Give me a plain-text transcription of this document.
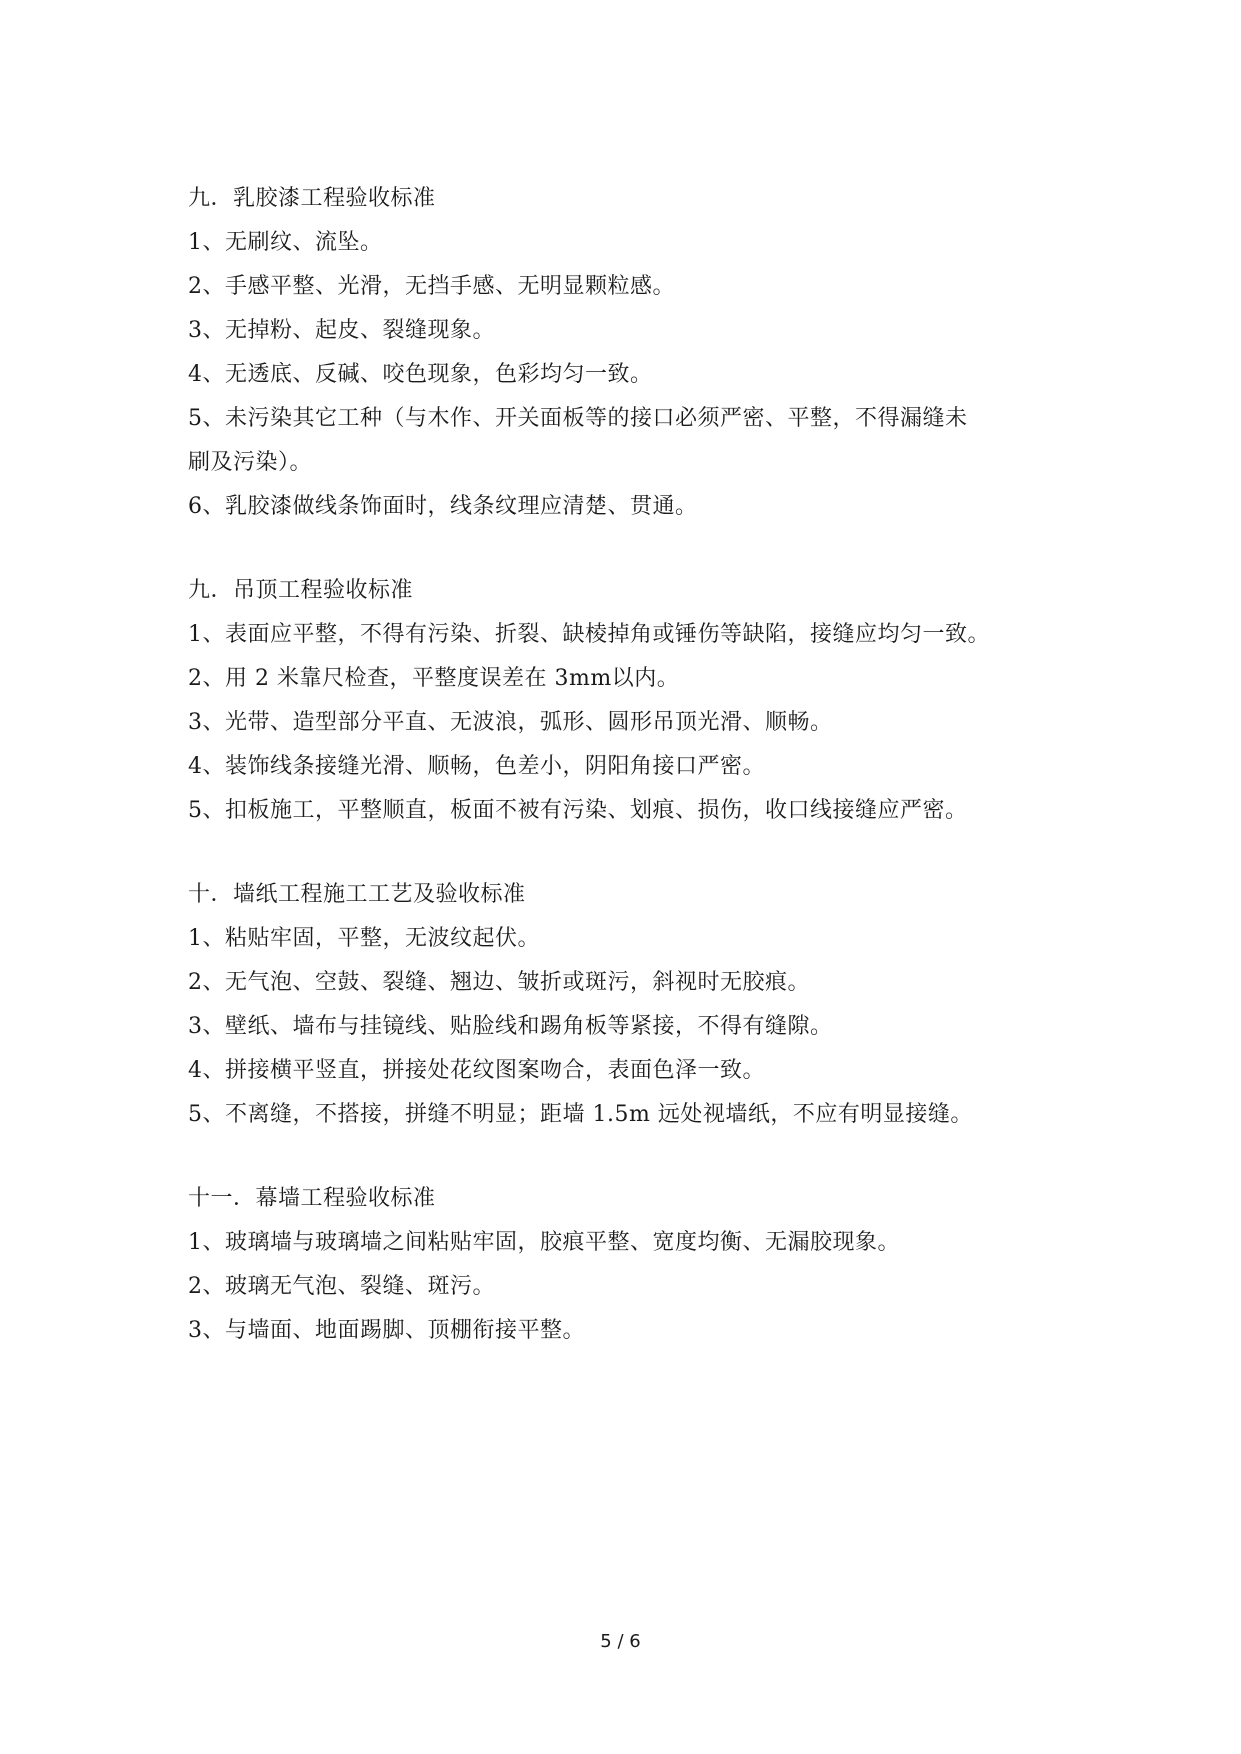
九．乳胶漆工程验收标准
1、无刷纹、流坠。
2、手感平整、光滑，无挡手感、无明显颗粒感。
3、无掉粉、起皮、裂缝现象。
4、无透底、反碱、咬色现象，色彩均匀一致。
5、未污染其它工种（与木作、开关面板等的接口必须严密、平整，不得漏缝未
刷及污染）。
6、乳胶漆做线条饰面时，线条纹理应清楚、贯通。
九．吊顶工程验收标准
1、表面应平整，不得有污染、折裂、缺棱掉角或锤伤等缺陷，接缝应均匀一致。
2、用 2 米靠尺检查，平整度误差在 3mm以内。
3、光带、造型部分平直、无波浪，弧形、圆形吊顶光滑、顺畅。
4、装饰线条接缝光滑、顺畅，色差小，阴阳角接口严密。
5、扣板施工，平整顺直，板面不被有污染、划痕、损伤，收口线接缝应严密。
十．墙纸工程施工工艺及验收标准
1、粘贴牢固，平整，无波纹起伏。
2、无气泡、空鼓、裂缝、翘边、皱折或斑污，斜视时无胶痕。
3、壁纸、墙布与挂镜线、贴脸线和踢角板等紧接，不得有缝隙。
4、拼接横平竖直，拼接处花纹图案吻合，表面色泽一致。
5、不离缝，不搭接，拼缝不明显；距墙 1.5m 远处视墙纸，不应有明显接缝。
十一．幕墙工程验收标准
1、玻璃墙与玻璃墙之间粘贴牢固，胶痕平整、宽度均衡、无漏胶现象。
2、玻璃无气泡、裂缝、斑污。
3、与墙面、地面踢脚、顶棚衔接平整。
5 / 6
